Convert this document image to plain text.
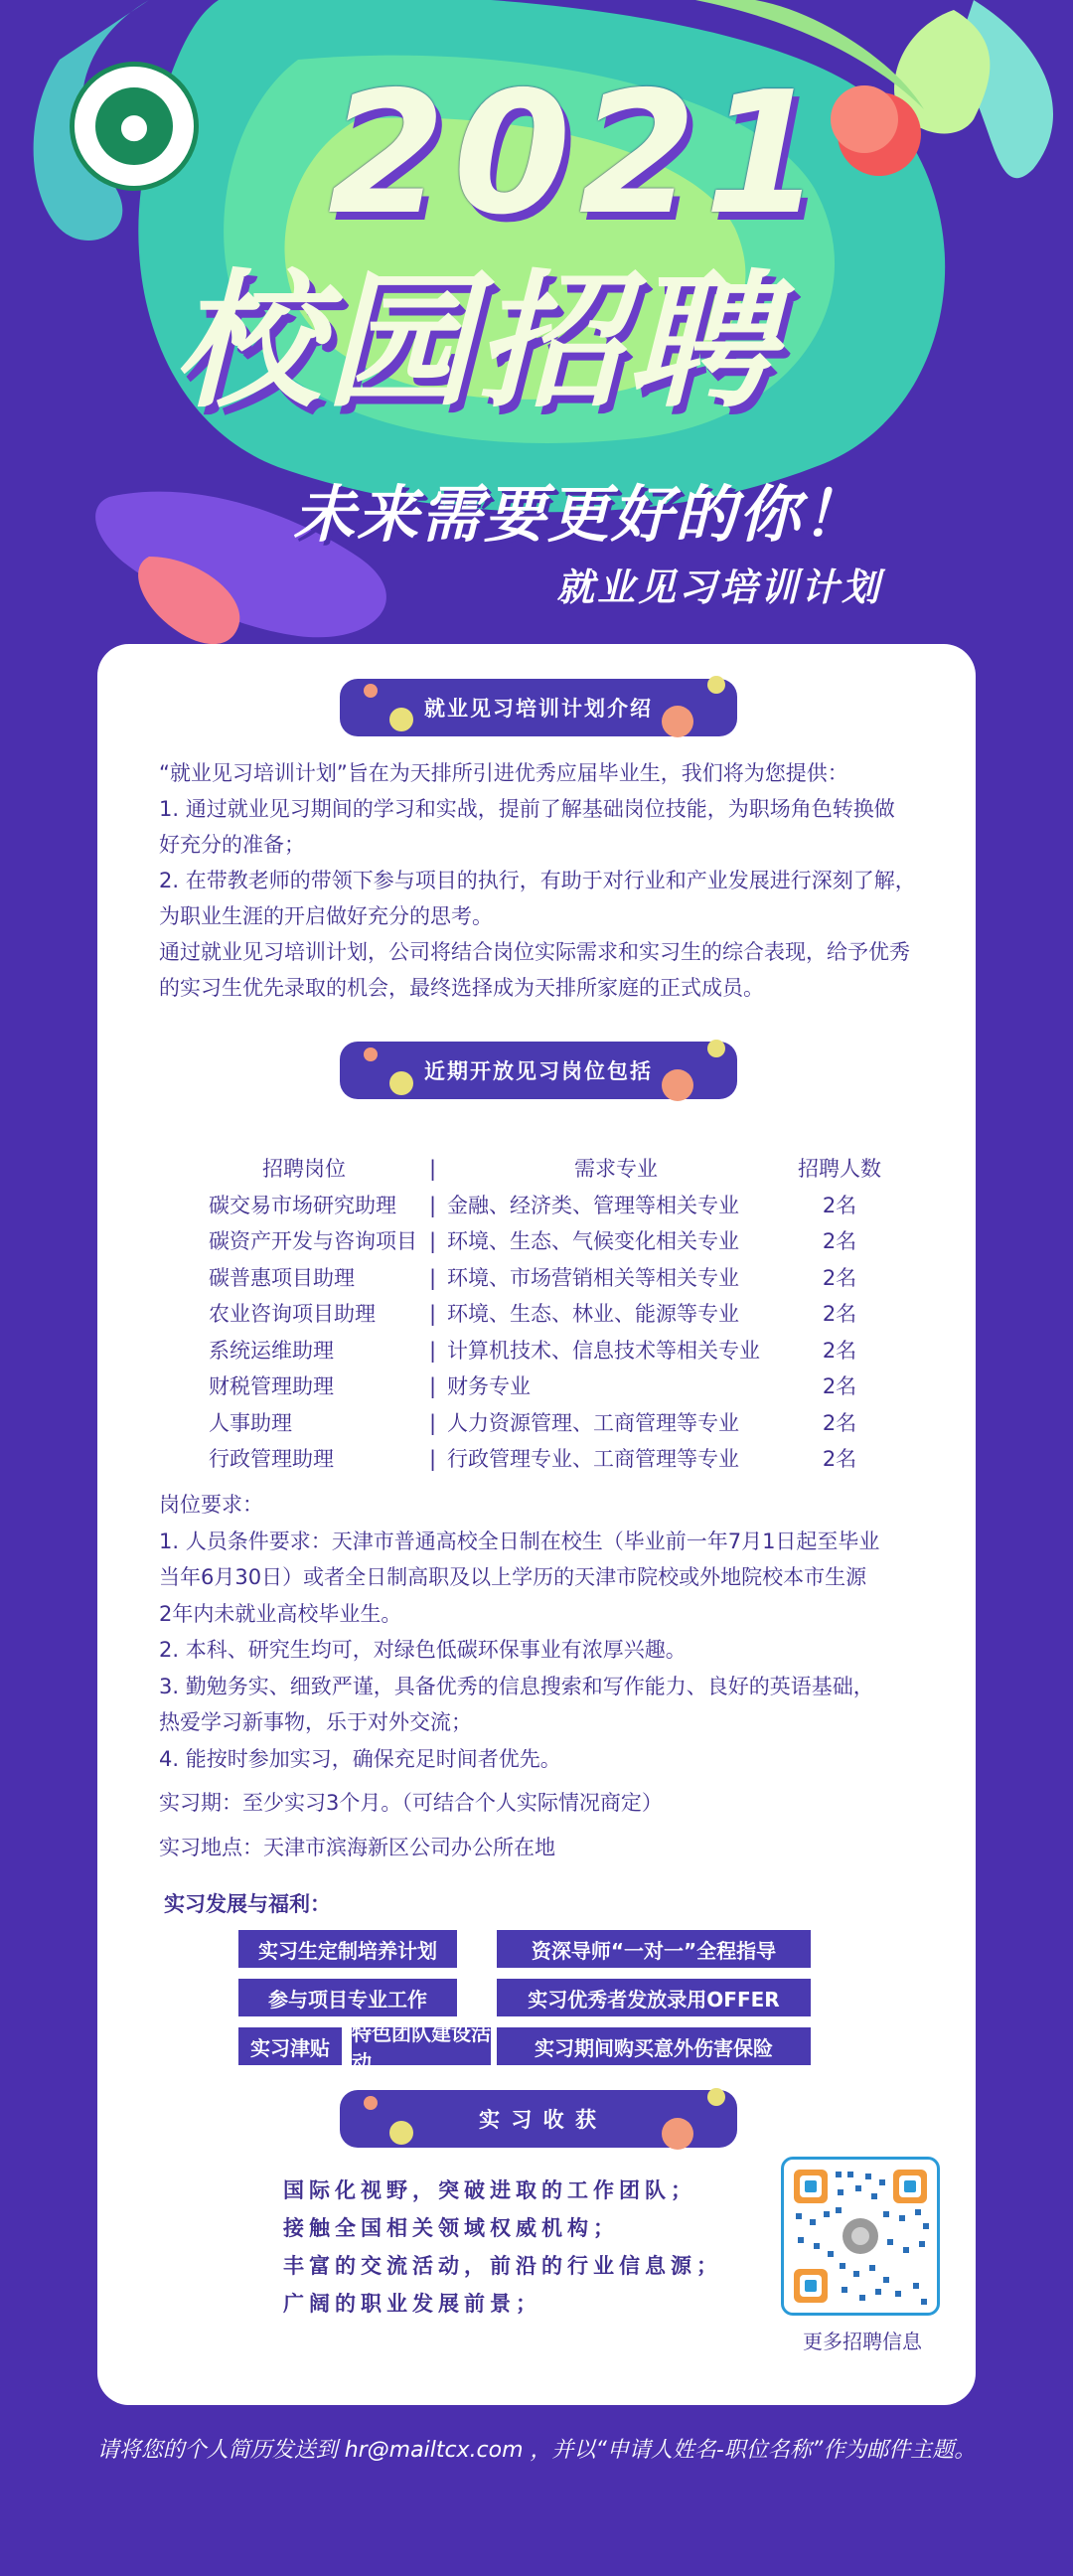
● 2021
校园招聘
未来需要更好的你！
就业见习培训计划
就业见习培训计划介绍

“就业见习培训计划”旨在为天排所引进优秀应届毕业生，我们将为您提供：

1. 通过就业见习期间的学习和实战，提前了解基础岗位技能，为职场角色转换做

好充分的准备；

2. 在带教老师的带领下参与项目的执行，有助于对行业和产业发展进行深刻了解，

为职业生涯的开启做好充分的思考。

通过就业见习培训计划，公司将结合岗位实际需求和实习生的综合表现，给予优秀

的实习生优先录取的机会，最终选择成为天排所家庭的正式成员。

近期开放见习岗位包括
招聘岗位	|	需求专业	招聘人数
碳交易市场研究助理	| 金融、经济类、管理等相关专业	2名
碳资产开发与咨询项目 | 环境、生态、气候变化相关专业	2名
碳普惠项目助理	| 环境、市场营销相关等相关专业	2名
农业咨询项目助理	| 环境、生态、林业、能源等专业	2名
系统运维助理	| 计算机技术、信息技术等相关专业	2名
财税管理助理	| 财务专业	2名
人事助理	| 人力资源管理、工商管理等专业	2名
行政管理助理	| 行政管理专业、工商管理等专业	2名

岗位要求：

1. 人员条件要求：天津市普通高校全日制在校生（毕业前一年7月1日起至毕业

当年6月30日）或者全日制高职及以上学历的天津市院校或外地院校本市生源

2年内未就业高校毕业生。

2. 本科、研究生均可，对绿色低碳环保事业有浓厚兴趣。

3. 勤勉务实、细致严谨，具备优秀的信息搜索和写作能力、良好的英语基础，

热爱学习新事物，乐于对外交流；

4. 能按时参加实习，确保充足时间者优先。

实习期：至少实习3个月。（可结合个人实际情况商定）

实习地点：天津市滨海新区公司办公所在地

实习发展与福利：
实习生定制培养计划	资深导师“一对一”全程指导
参与项目专业工作	实习优秀者发放录用OFFER
实习津贴
特色团队建设活动
实习期间购买意外伤害保险
实 习 收 获

国际化视野，突破进取的工作团队；

接触全国相关领域权威机构；

丰富的交流活动，前沿的行业信息源；

广阔的职业发展前景；

更多招聘信息
请将您的个人简历发送到 hr@mailtcx.com ，并以“申请人姓名-职位名称”作为邮件主题。
